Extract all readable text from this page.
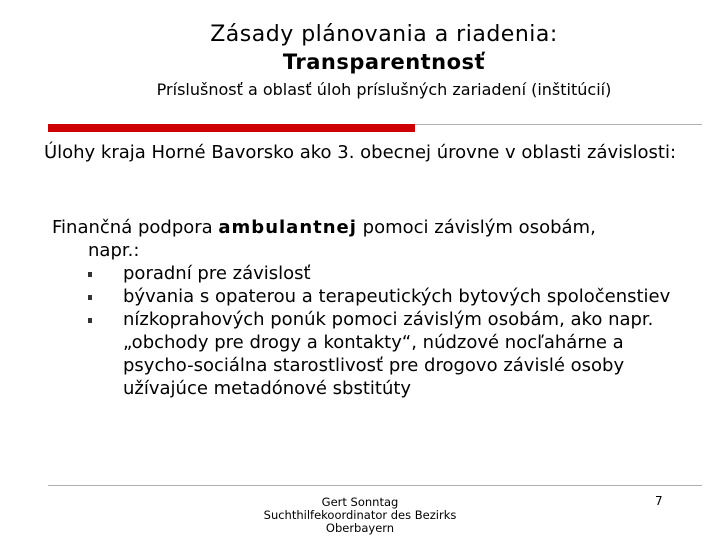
Zásady plánovania a riadenia:
Transparentnosť
Príslušnosť a oblasť úloh príslušných zariadení (inštitúcií)
Úlohy kraja Horné Bavorsko ako 3. obecnej úrovne v oblasti závislosti:
Finančná podpora ambulantnej pomoci závislým osobám,
napr.:
poradní pre závislosť
bývania s opaterou a terapeutických bytových spoločenstiev
nízkoprahových ponúk pomoci závislým osobám, ako napr. „obchody pre drogy a kontakty“, núdzové nocľahárne a psycho-sociálna starostlivosť pre drogovo závislé osoby užívajúce metadónové sbstitúty
Gert Sonntag
Suchthilfekoordinator des Bezirks
Oberbayern
7
